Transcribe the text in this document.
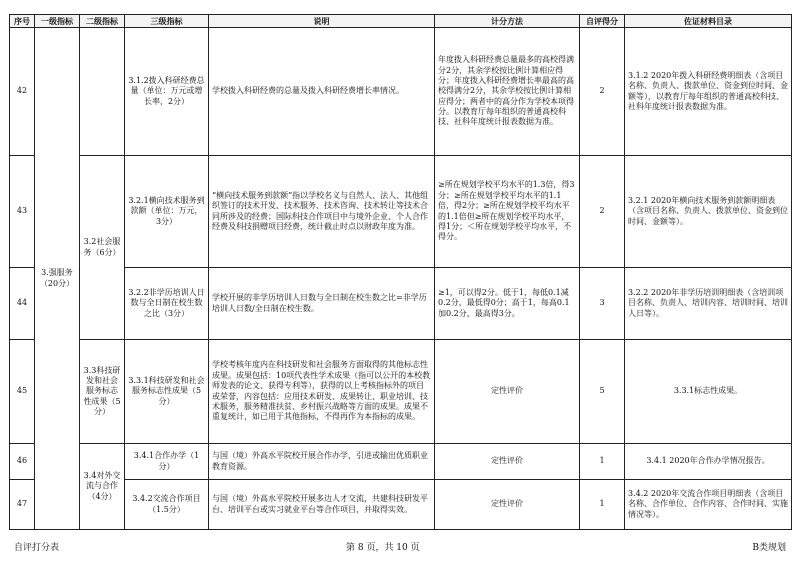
序号	一级指标	二级指标	三级指标	说明	计分方法	自评得分	佐证材料目录
42	3.强服务（20分）		3.1.2拨入科研经费总量（单位：万元或增长率，2分）	学校拨入科研经费的总量及拨入科研经费增长率情况。	年度拨入科研经费总量最多的高校得满分2分，其余学校按比例计算相应得分；年度拨入科研经费增长率最高的高校得满分2分，其余学校按比例计算相应得分；两者中的高分作为学校本项得分。以教育厅每年组织的普通高校科技、社科年度统计报表数据为准。	2	3.1.2 2020年拨入科研经费明细表（含项目名称、负责人、拨款单位、资金到位时间、金额等），以教育厅每年组织的普通高校科技、社科年度统计报表数据为准。
43		3.2社会服务（6分）	3.2.1横向技术服务到款额（单位：万元，3分）	“横向技术服务到款额”指以学校名义与自然人、法人、其他组织签订的技术开发、技术服务、技术咨询、技术转让等技术合同所涉及的经费；国际科技合作项目中与境外企业、个人合作经费及科技捐赠项目经费，统计截止时点以财政年度为准。	≥所在规划学校平均水平的1.3倍，得3分；≥所在规划学校平均水平的1.1倍，得2分；≥所在规划学校平均水平的1.1倍但≥所在规划学校平均水平，得1分；＜所在规划学校平均水平，不得分。	2	3.2.1 2020年横向技术服务到款额明细表（含项目名称、负责人、拨款单位、资金到位时间、金额等）。
44			3.2.2非学历培训人日数与全日制在校生数之比（3分）	学校开展的非学历培训人日数与全日制在校生数之比=非学历培训人日数/全日制在校生数。	≥1，可以得2分。低于1，每低0.1减0.2分，最低得0分；高于1，每高0.1加0.2分，最高得3分。	3	3.2.2 2020年非学历培训明细表（含培训项目名称、负责人、培训内容、培训时间、培训人日等）。
45		3.3科技研发和社会服务标志性成果（5分）	3.3.1科技研发和社会服务标志性成果（5分）	学校考核年度内在科技研发和社会服务方面取得的其他标志性成果。成果包括：10项代表性学术成果（指可以公开的本校教师发表的论文、获得专利等），获得的以上考核指标外的项目或荣誉，内容包括：应用技术研发、成果转让、职业培训、技术服务，服务精准扶贫、乡村振兴战略等方面的成果。成果不重复统计，如已用于其他指标，不得再作为本指标的成果。	定性评价	5	3.3.1标志性成果。
46		3.4对外交流与合作（4分）	3.4.1合作办学（1分）	与国（境）外高水平院校开展合作办学，引进或输出优质职业教育资源。	定性评价	1	3.4.1 2020年合作办学情况报告。
47			3.4.2交流合作项目（1.5分）	与国（境）外高水平院校开展多边人才交流，共建科技研发平台、培训平台或实习就业平台等合作项目，并取得实效。	定性评价	1	3.4.2 2020年交流合作项目明细表（含项目名称、合作单位、合作内容、合作时间、实施情况等）。
自评打分表	第 8 页，共 10 页	B类规划
